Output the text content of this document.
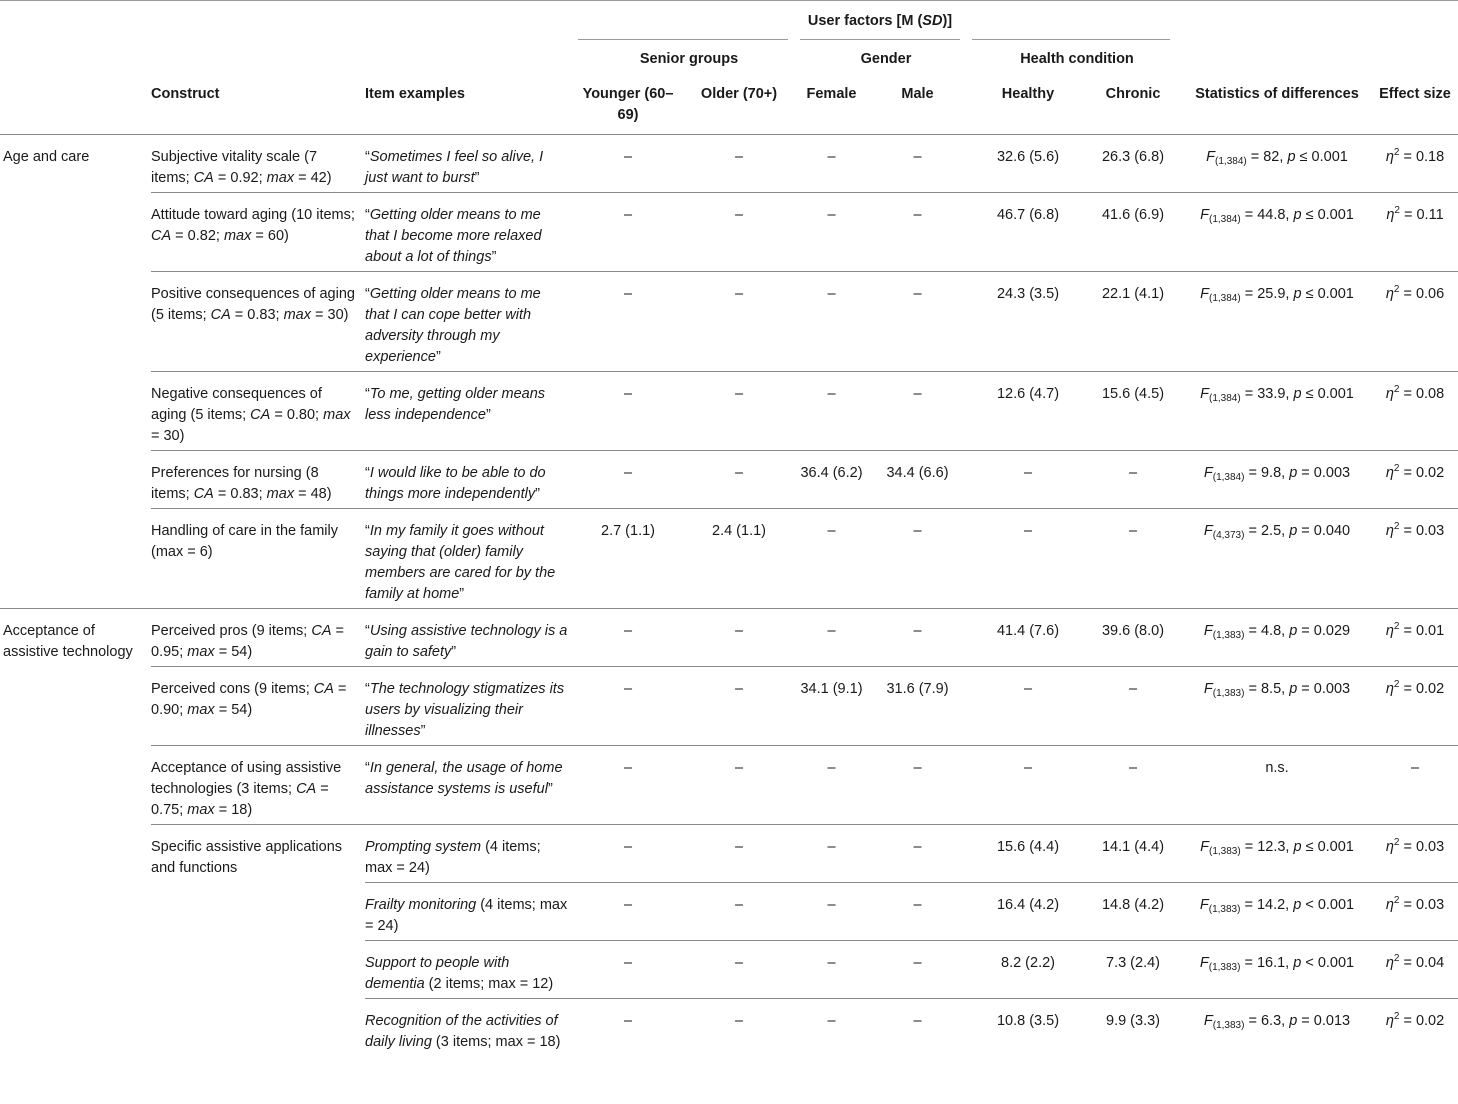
			User factors [M (SD)]							
			Senior groups		Gender		Health condition		

	Construct	Item examples	Younger (60–69)	Older (70+)	Female	Male	Healthy	Chronic	Statistics of differences	Effect size
Age and care	Subjective vitality scale (7 items; CA = 0.92; max = 42)	“Sometimes I feel so alive, I just want to burst”	–	–	–	–	32.6 (5.6)	26.3 (6.8)	$F_{(1,384)} = 82$, p ≤ 0.001	$\eta^2 = 0.18$
	Attitude toward aging (10 items; CA = 0.82; max = 60)	“Getting older means to me that I become more relaxed about a lot of things”	–	–	–	–	46.7 (6.8)	41.6 (6.9)	$F_{(1,384)} = 44.8$, p ≤ 0.001	$\eta^2 = 0.11$
	Positive consequences of aging (5 items; CA = 0.83; max = 30)	“Getting older means to me that I can cope better with adversity through my experience”	–	–	–	–	24.3 (3.5)	22.1 (4.1)	$F_{(1,384)} = 25.9$, p ≤ 0.001	$\eta^2 = 0.06$
	Negative consequences of aging (5 items; CA = 0.80; max = 30)	“To me, getting older means less independence”	–	–	–	–	12.6 (4.7)	15.6 (4.5)	$F_{(1,384)} = 33.9$, p ≤ 0.001	$\eta^2 = 0.08$
	Preferences for nursing (8 items; CA = 0.83; max = 48)	“I would like to be able to do things more independently”	–	–	36.4 (6.2)	34.4 (6.6)	–	–	$F_{(1,384)} = 9.8$, p = 0.003	$\eta^2 = 0.02$
	Handling of care in the family (max = 6)	“In my family it goes without saying that (older) family members are cared for by the family at home”	2.7 (1.1)	2.4 (1.1)	–	–	–	–	$F_{(4,373)} = 2.5$, p = 0.040	$\eta^2 = 0.03$
Acceptance of assistive technology	Perceived pros (9 items; CA = 0.95; max = 54)	“Using assistive technology is a gain to safety”	–	–	–	–	41.4 (7.6)	39.6 (8.0)	$F_{(1,383)} = 4.8$, p = 0.029	$\eta^2 = 0.01$
	Perceived cons (9 items; CA = 0.90; max = 54)	“The technology stigmatizes its users by visualizing their illnesses”	–	–	34.1 (9.1)	31.6 (7.9)	–	–	$F_{(1,383)} = 8.5$, p = 0.003	$\eta^2 = 0.02$
	Acceptance of using assistive technologies (3 items; CA = 0.75; max = 18)	“In general, the usage of home assistance systems is useful”	–	–	–	–	–	–	n.s.	–
	Specific assistive applications and functions	Prompting system (4 items; max = 24)	–	–	–	–	15.6 (4.4)	14.1 (4.4)	$F_{(1,383)} = 12.3$, p ≤ 0.001	$\eta^2 = 0.03$
		Frailty monitoring (4 items; max = 24)	–	–	–	–	16.4 (4.2)	14.8 (4.2)	$F_{(1,383)} = 14.2$, p < 0.001	$\eta^2 = 0.03$
		Support to people with dementia (2 items; max = 12)	–	–	–	–	8.2 (2.2)	7.3 (2.4)	$F_{(1,383)} = 16.1$, p < 0.001	$\eta^2 = 0.04$
		Recognition of the activities of daily living (3 items; max = 18)	–	–	–	–	10.8 (3.5)	9.9 (3.3)	$F_{(1,383)} = 6.3$, p = 0.013	$\eta^2 = 0.02$
